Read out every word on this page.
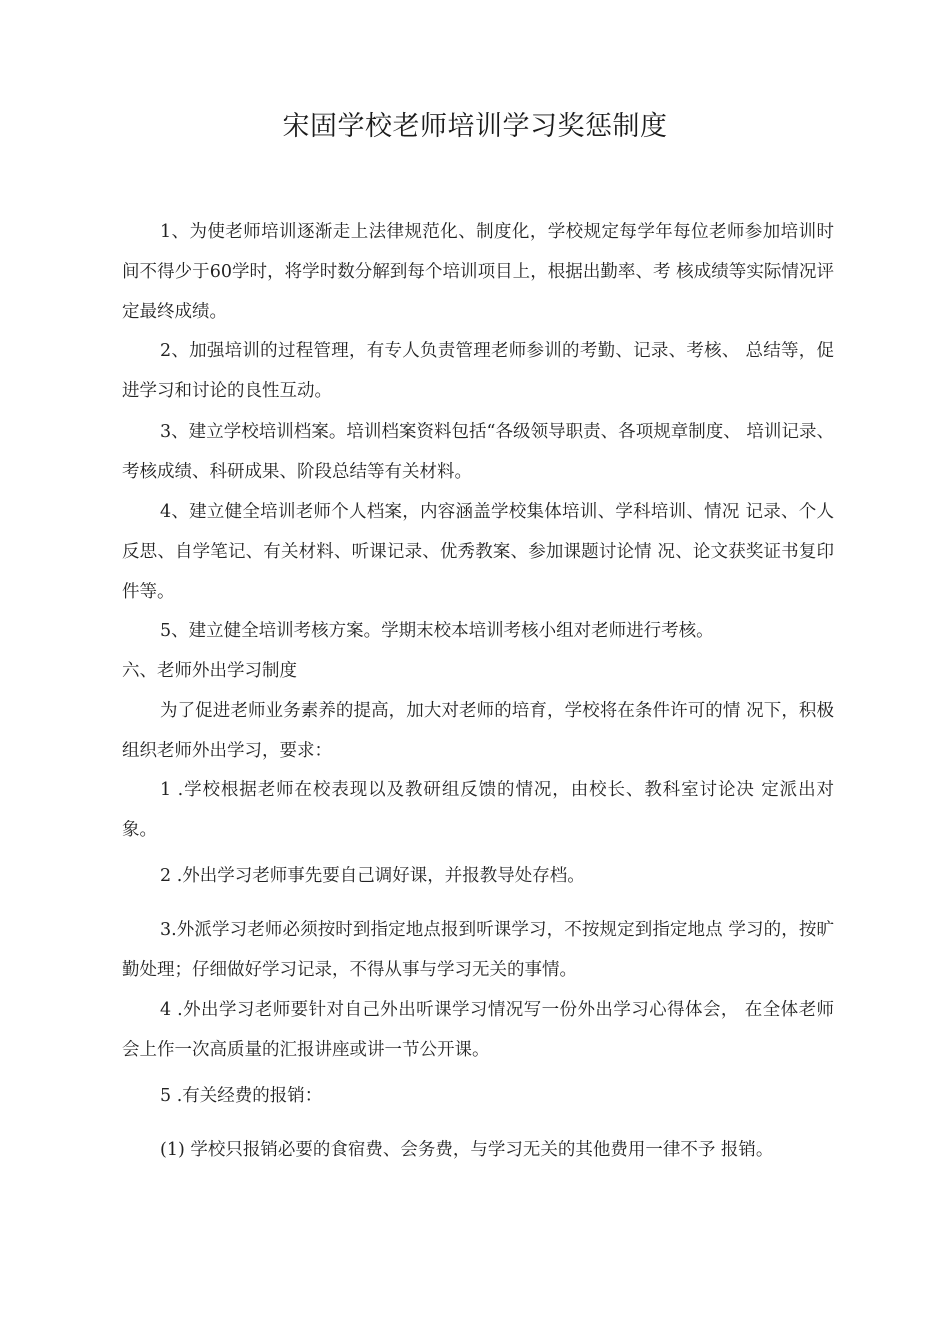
宋固学校老师培训学习奖惩制度

1、为使老师培训逐渐走上法律规范化、制度化，学校规定每学年每位老师参加培训时间不得少于60学时，将学时数分解到每个培训项目上，根据出勤率、考 核成绩等实际情况评定最终成绩。

2、加强培训的过程管理，有专人负责管理老师参训的考勤、记录、考核、 总结等，促进学习和讨论的良性互动。

3、建立学校培训档案。培训档案资料包括“各级领导职责、各项规章制度、 培训记录、考核成绩、科研成果、阶段总结等有关材料。

4、建立健全培训老师个人档案，内容涵盖学校集体培训、学科培训、情况 记录、个人反思、自学笔记、有关材料、听课记录、优秀教案、参加课题讨论情 况、论文获奖证书复印件等。

5、建立健全培训考核方案。学期末校本培训考核小组对老师进行考核。

六、老师外出学习制度

为了促进老师业务素养的提高，加大对老师的培育，学校将在条件许可的情 况下，积极组织老师外出学习，要求：

1 .学校根据老师在校表现以及教研组反馈的情况，由校长、教科室讨论决 定派出对象。

2 .外出学习老师事先要自己调好课，并报教导处存档。

3.外派学习老师必须按时到指定地点报到听课学习，不按规定到指定地点 学习的，按旷勤处理；仔细做好学习记录，不得从事与学习无关的事情。

4 .外出学习老师要针对自己外出听课学习情况写一份外出学习心得体会， 在全体老师会上作一次高质量的汇报讲座或讲一节公开课。

5 .有关经费的报销：

(1) 学校只报销必要的食宿费、会务费，与学习无关的其他费用一律不予 报销。
